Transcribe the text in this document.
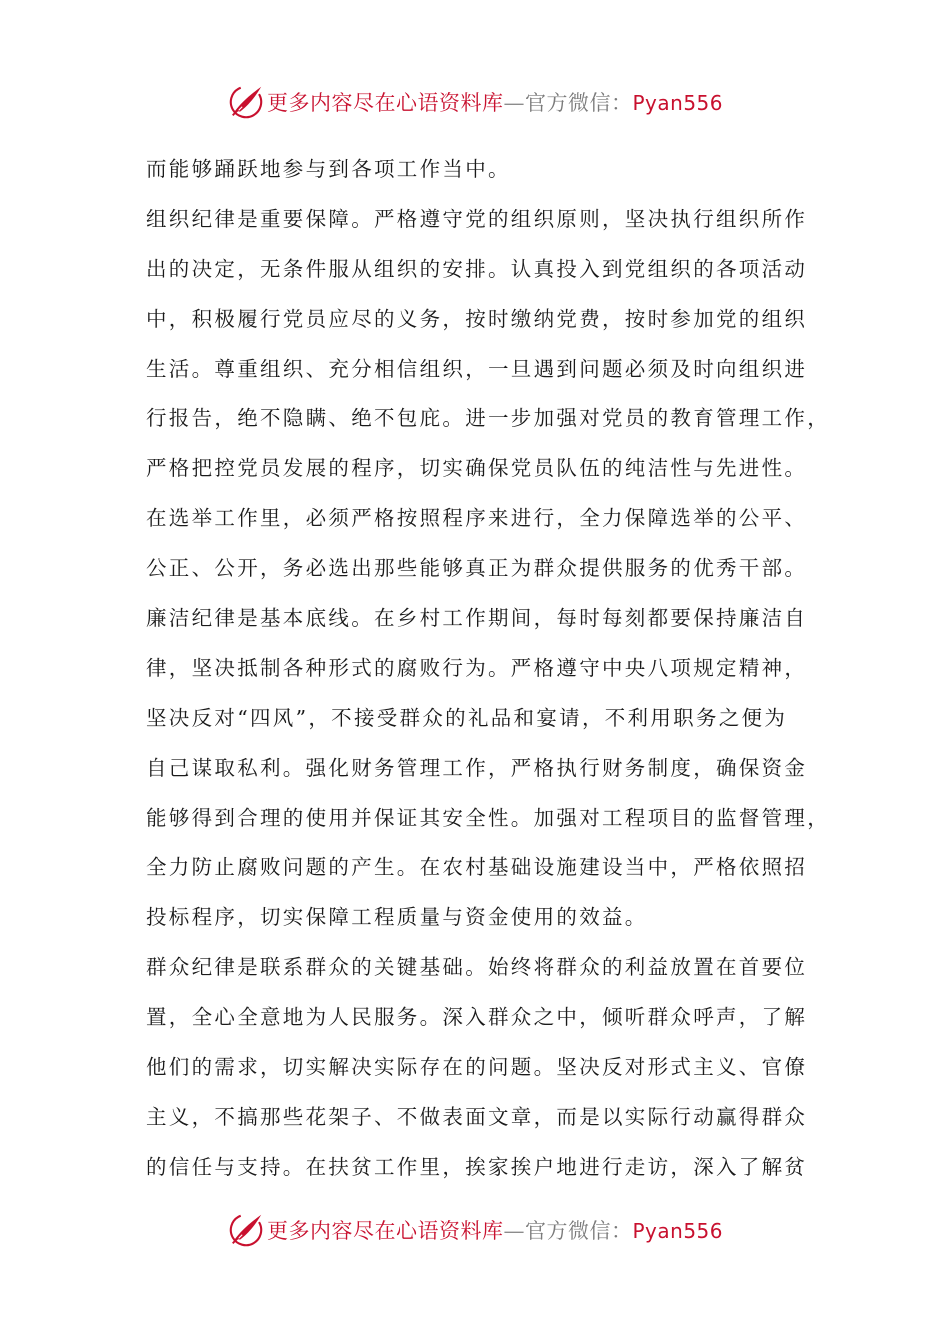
更多内容尽在心语资料库—官方微信：Pyan556
而能够踊跃地参与到各项工作当中。
组织纪律是重要保障。严格遵守党的组织原则，坚决执行组织所作
出的决定，无条件服从组织的安排。认真投入到党组织的各项活动
中，积极履行党员应尽的义务，按时缴纳党费，按时参加党的组织
生活。尊重组织、充分相信组织，一旦遇到问题必须及时向组织进
行报告，绝不隐瞒、绝不包庇。进一步加强对党员的教育管理工作，
严格把控党员发展的程序，切实确保党员队伍的纯洁性与先进性。
在选举工作里，必须严格按照程序来进行，全力保障选举的公平、
公正、公开，务必选出那些能够真正为群众提供服务的优秀干部。
廉洁纪律是基本底线。在乡村工作期间，每时每刻都要保持廉洁自
律，坚决抵制各种形式的腐败行为。严格遵守中央八项规定精神，
坚决反对“四风”，不接受群众的礼品和宴请，不利用职务之便为
自己谋取私利。强化财务管理工作，严格执行财务制度，确保资金
能够得到合理的使用并保证其安全性。加强对工程项目的监督管理，
全力防止腐败问题的产生。在农村基础设施建设当中，严格依照招
投标程序，切实保障工程质量与资金使用的效益。
群众纪律是联系群众的关键基础。始终将群众的利益放置在首要位
置，全心全意地为人民服务。深入群众之中，倾听群众呼声，了解
他们的需求，切实解决实际存在的问题。坚决反对形式主义、官僚
主义，不搞那些花架子、不做表面文章，而是以实际行动赢得群众
的信任与支持。在扶贫工作里，挨家挨户地进行走访，深入了解贫
更多内容尽在心语资料库—官方微信：Pyan556
